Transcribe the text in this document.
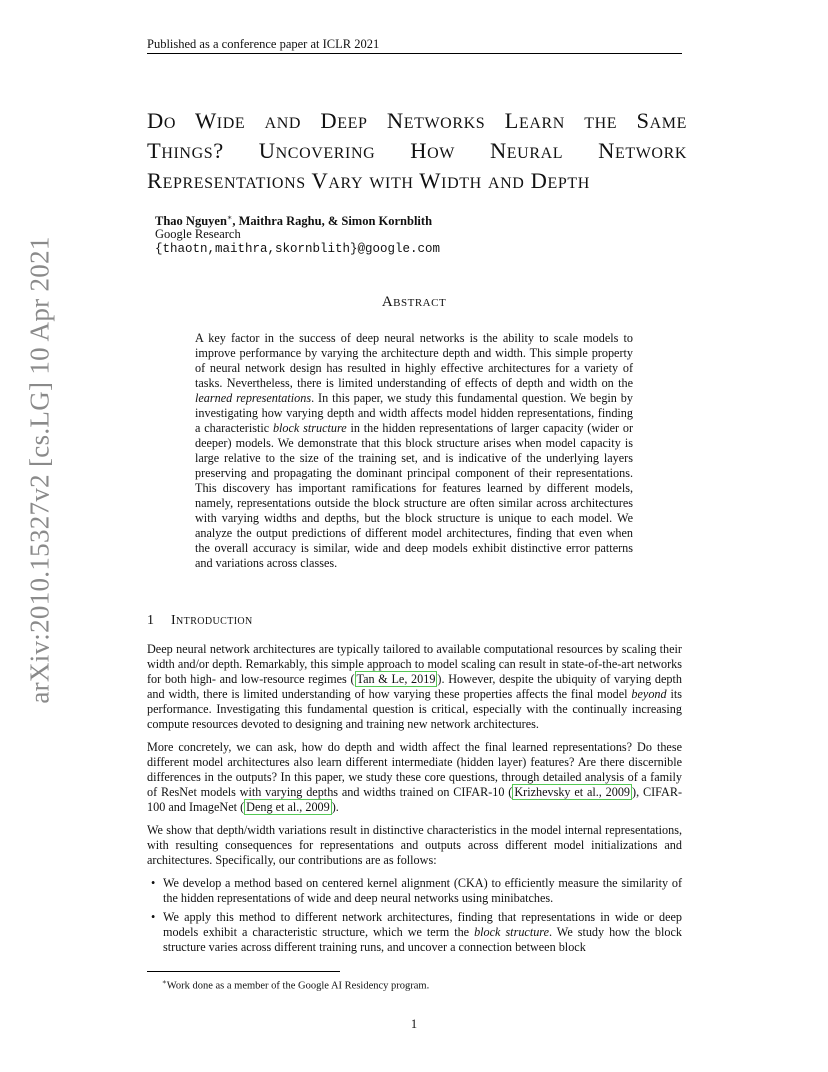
Published as a conference paper at ICLR 2021
arXiv:2010.15327v2 [cs.LG] 10 Apr 2021
Do Wide and Deep Networks Learn the Same
Things? Uncovering How Neural Network
Representations Vary with Width and Depth
Thao Nguyen∗, Maithra Raghu, & Simon Kornblith
Google Research
{thaotn,maithra,skornblith}@google.com
Abstract
A key factor in the success of deep neural networks is the ability to scale models to improve performance by varying the architecture depth and width. This simple property of neural network design has resulted in highly effective architectures for a variety of tasks. Nevertheless, there is limited understanding of effects of depth and width on the learned representations. In this paper, we study this fundamental question. We begin by investigating how varying depth and width affects model hidden representations, finding a characteristic block structure in the hidden representations of larger capacity (wider or deeper) models. We demonstrate that this block structure arises when model capacity is large relative to the size of the training set, and is indicative of the underlying layers preserving and propagating the dominant principal component of their representations. This discovery has important ramifications for features learned by different models, namely, representations outside the block structure are often similar across architectures with varying widths and depths, but the block structure is unique to each model. We analyze the output predictions of different model architectures, finding that even when the overall accuracy is similar, wide and deep models exhibit distinctive error patterns and variations across classes.
1 Introduction

Deep neural network architectures are typically tailored to available computational resources by scaling their width and/or depth. Remarkably, this simple approach to model scaling can result in state-of-the-art networks for both high- and low-resource regimes ( Tan & Le, 2019 ). However, despite the ubiquity of varying depth and width, there is limited understanding of how varying these properties affects the final model beyond its performance. Investigating this fundamental question is critical, especially with the continually increasing compute resources devoted to designing and training new network architectures.

More concretely, we can ask, how do depth and width affect the final learned representations? Do these different model architectures also learn different intermediate (hidden layer) features? Are there discernible differences in the outputs? In this paper, we study these core questions, through detailed analysis of a family of ResNet models with varying depths and widths trained on CIFAR-10 ( Krizhevsky et al., 2009 ), CIFAR-100 and ImageNet ( Deng et al., 2009 ).

We show that depth/width variations result in distinctive characteristics in the model internal representations, with resulting consequences for representations and outputs across different model initializations and architectures. Specifically, our contributions are as follows:

• We develop a method based on centered kernel alignment (CKA) to efficiently measure the similarity of the hidden representations of wide and deep neural networks using minibatches.
• We apply this method to different network architectures, finding that representations in wide or deep models exhibit a characteristic structure, which we term the block structure. We study how the block structure varies across different training runs, and uncover a connection between block
∗Work done as a member of the Google AI Residency program.
1
